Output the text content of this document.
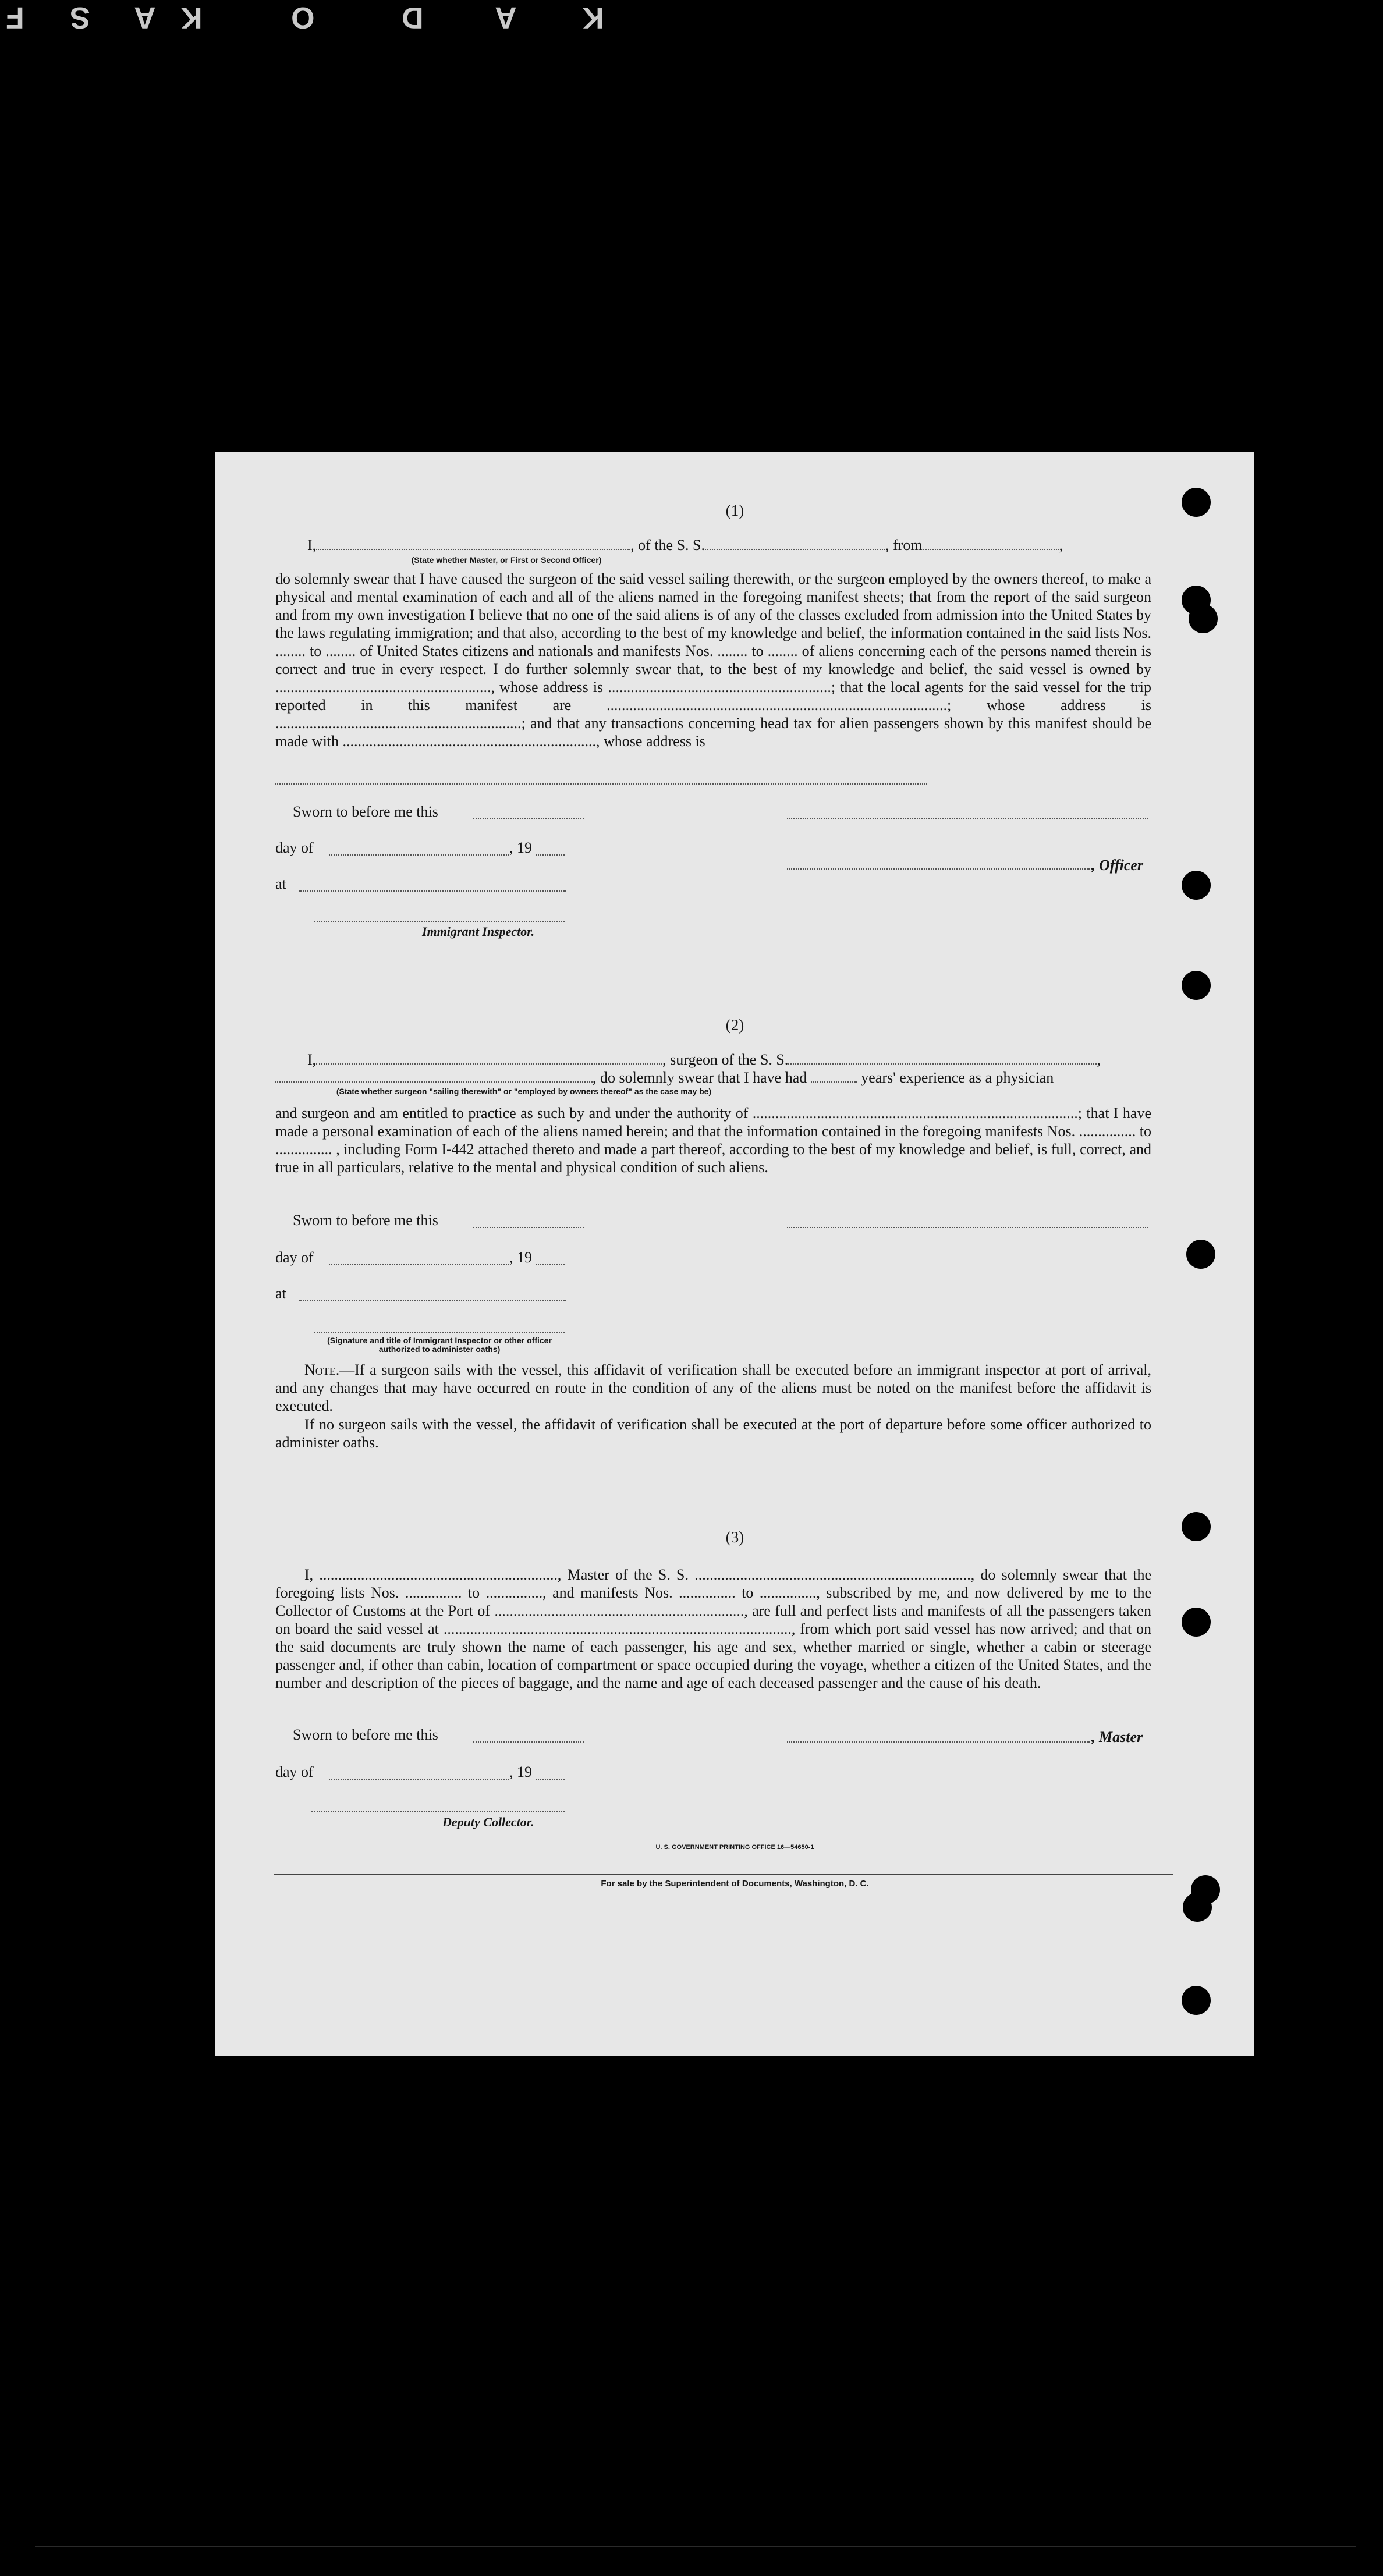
F S A K	O	D A K
(1)
I,	, of the S. S.	, from	,
(State whether Master, or First or Second Officer)
do solemnly swear that I have caused the surgeon of the said vessel sailing therewith, or the surgeon employed by the owners thereof, to make a physical and mental examination of each and all of the aliens named in the foregoing manifest sheets; that from the report of the said surgeon and from my own investigation I believe that no one of the said aliens is of any of the classes excluded from admission into the United States by the laws regulating immigration; and that also, according to the best of my knowledge and belief, the information contained in the said lists Nos. ........ to ........ of United States citizens and nationals and manifests Nos. ........ to ........ of aliens concerning each of the persons named therein is correct and true in every respect. I do further solemnly swear that, to the best of my knowledge and belief, the said vessel is owned by ........................................................., whose address is ...........................................................; that the local agents for the said vessel for the trip reported in this manifest are ..........................................................................................; whose address is .................................................................; and that any transactions concerning head tax for alien passengers shown by this manifest should be made with ..................................................................., whose address is
Sworn to before me this
day of	, 19
, Officer
at
Immigrant Inspector.
(2)
I,	, surgeon of the S. S.	,
, do solemnly swear that I have had	years' experience as a physician
(State whether surgeon "sailing therewith" or "employed by owners thereof" as the case may be)
and surgeon and am entitled to practice as such by and under the authority of ......................................................................................; that I have made a personal examination of each of the aliens named herein; and that the information contained in the foregoing manifests Nos. ............... to ............... , including Form I-442 attached thereto and made a part thereof, according to the best of my knowledge and belief, is full, correct, and true in all particulars, relative to the mental and physical condition of such aliens.
Sworn to before me this
day of	, 19
at
(Signature and title of Immigrant Inspector or other officer authorized to administer oaths)
Note.—If a surgeon sails with the vessel, this affidavit of verification shall be executed before an immigrant inspector at port of arrival, and any changes that may have occurred en route in the condition of any of the aliens must be noted on the manifest before the affidavit is executed.
If no surgeon sails with the vessel, the affidavit of verification shall be executed at the port of departure before some officer authorized to administer oaths.
(3)
I, ..............................................................., Master of the S. S. ........................................................................., do solemnly swear that the foregoing lists Nos. ............... to ..............., and manifests Nos. ............... to ..............., subscribed by me, and now delivered by me to the Collector of Customs at the Port of .................................................................., are full and perfect lists and manifests of all the passengers taken on board the said vessel at ............................................................................................, from which port said vessel has now arrived; and that on the said documents are truly shown the name of each passenger, his age and sex, whether married or single, whether a cabin or steerage passenger and, if other than cabin, location of compartment or space occupied during the voyage, whether a citizen of the United States, and the number and description of the pieces of baggage, and the name and age of each deceased passenger and the cause of his death.
Sworn to before me this	, Master
day of	, 19
Deputy Collector.
U. S. GOVERNMENT PRINTING OFFICE 16—54650-1
For sale by the Superintendent of Documents, Washington, D. C.
